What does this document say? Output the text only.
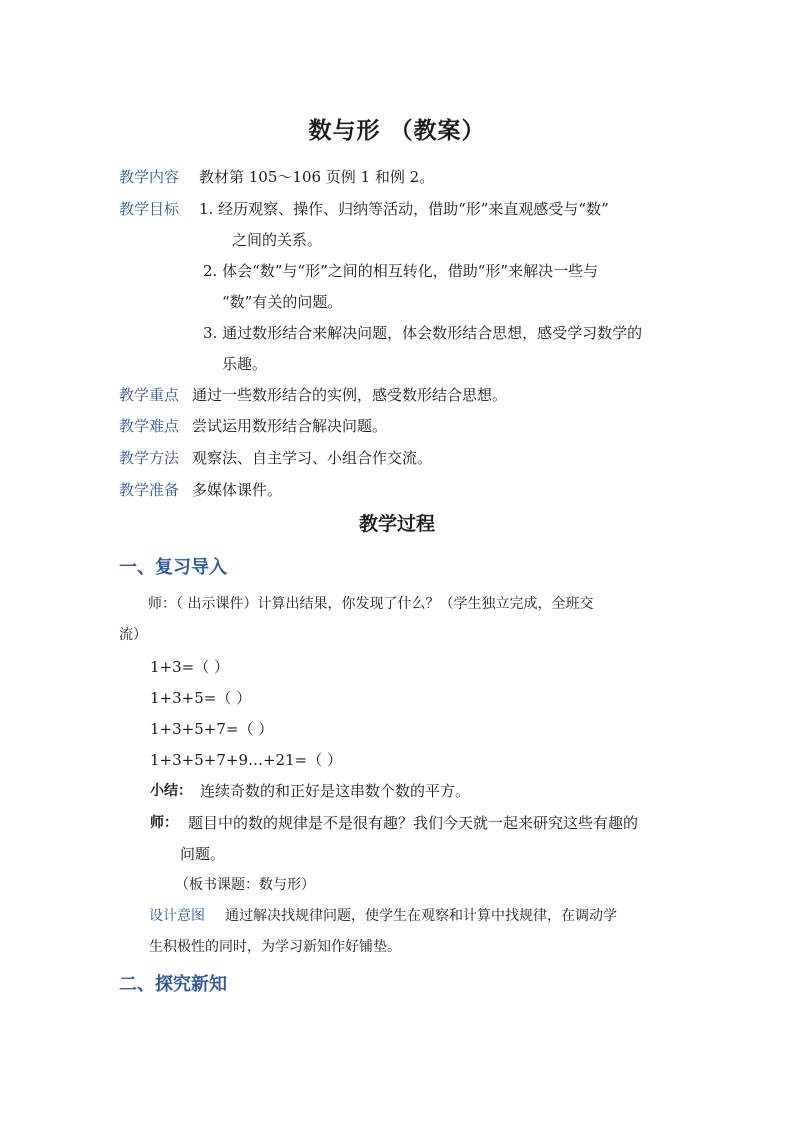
数与形 （教案）
教学内容 教材第 105～106 页例 1 和例 2。
教学目标 1. 经历观察、操作、归纳等活动，借助“形”来直观感受与“数”
之间的关系。
2. 体会“数”与“形”之间的相互转化，借助“形”来解决一些与
“数”有关的问题。
3. 通过数形结合来解决问题，体会数形结合思想，感受学习数学的
乐趣。
教学重点 通过一些数形结合的实例，感受数形结合思想。
教学难点 尝试运用数形结合解决问题。
教学方法 观察法、自主学习、小组合作交流。
教学准备 多媒体课件。
教学过程
一、复习导入
师：（ 出示课件）计算出结果，你发现了什么？（学生独立完成，全班交
流）
1+3=（ ）
1+3+5=（ ）
1+3+5+7=（ ）
1+3+5+7+9…+21=（ ）
小结： 连续奇数的和正好是这串数个数的平方。
师： 题目中的数的规律是不是很有趣？我们今天就一起来研究这些有趣的
问题。
（板书课题：数与形）
设计意图 通过解决找规律问题，使学生在观察和计算中找规律，在调动学
生积极性的同时，为学习新知作好铺垫。
二、探究新知
